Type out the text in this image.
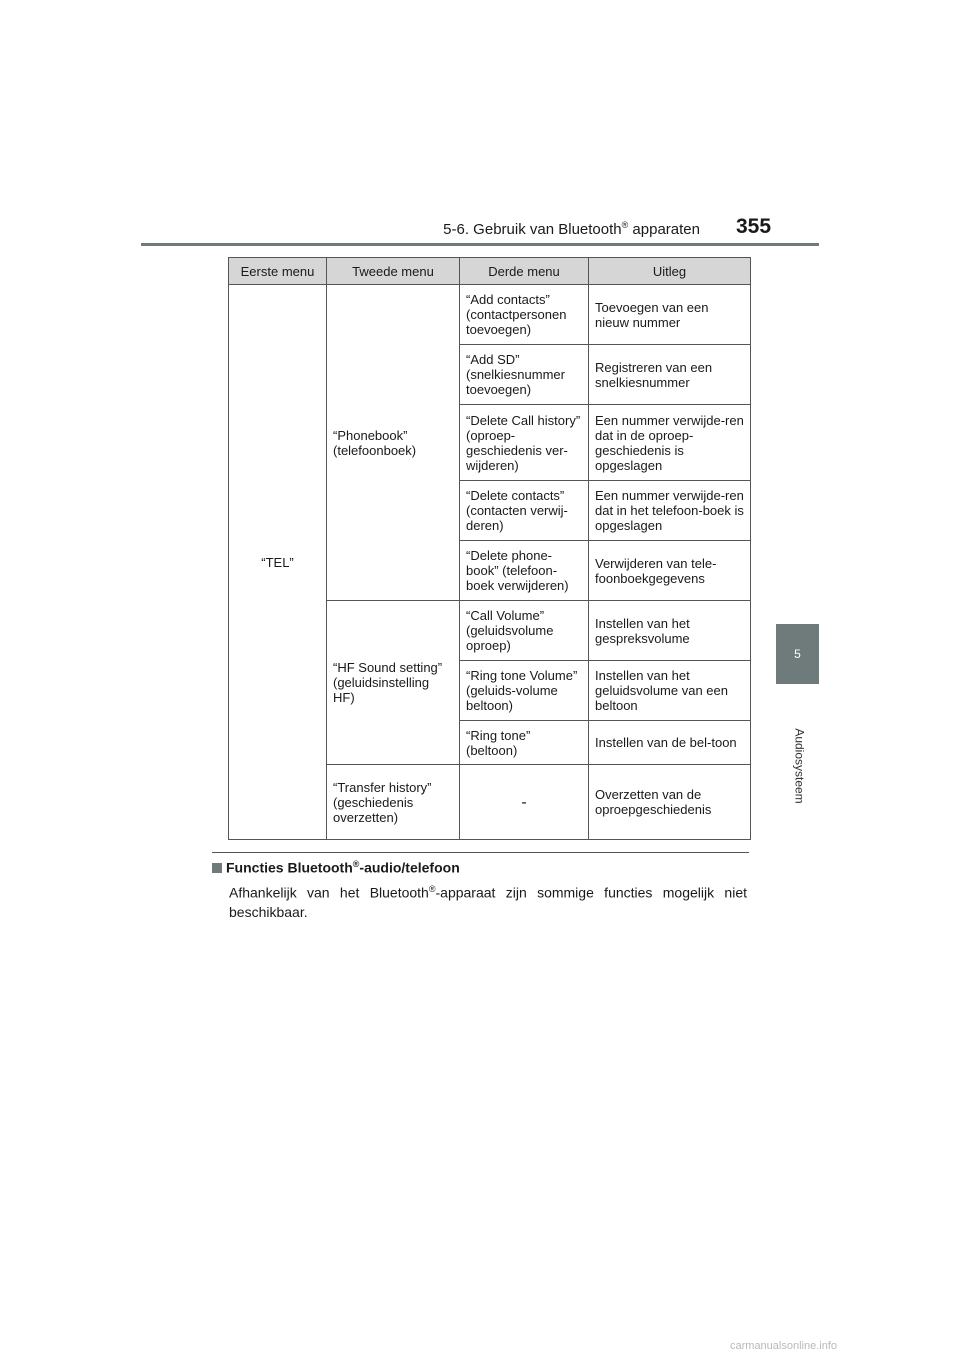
5-6. Gebruik van Bluetooth® apparaten 355
5
Audiosysteem
Eerste menu	Tweede menu	Derde menu	Uitleg
“TEL”	“Phonebook” (telefoonboek)	“Add contacts” (contactpersonen toevoegen)	Toevoegen van een nieuw nummer
		“Add SD” (snelkiesnummer toevoegen)	Registreren van een snelkiesnummer
		“Delete Call history” (oproep-geschiedenis ver-wijderen)	Een nummer verwijde-ren dat in de oproep-geschiedenis is opgeslagen
		“Delete contacts” (contacten verwij-deren)	Een nummer verwijde-ren dat in het telefoon-boek is opgeslagen
		“Delete phone-book” (telefoon-boek verwijderen)	Verwijderen van tele-foonboekgegevens
	“HF Sound setting” (geluidsinstelling HF)	“Call Volume” (geluidsvolume oproep)	Instellen van het gespreksvolume
		“Ring tone Volume” (geluids-volume beltoon)	Instellen van het geluidsvolume van een beltoon
		“Ring tone” (beltoon)	Instellen van de bel-toon
	“Transfer history” (geschiedenis overzetten)	-	Overzetten van de oproepgeschiedenis
Functies Bluetooth®-audio/telefoon
Afhankelijk van het Bluetooth®-apparaat zijn sommige functies mogelijk niet beschikbaar.
carmanualsonline.info
